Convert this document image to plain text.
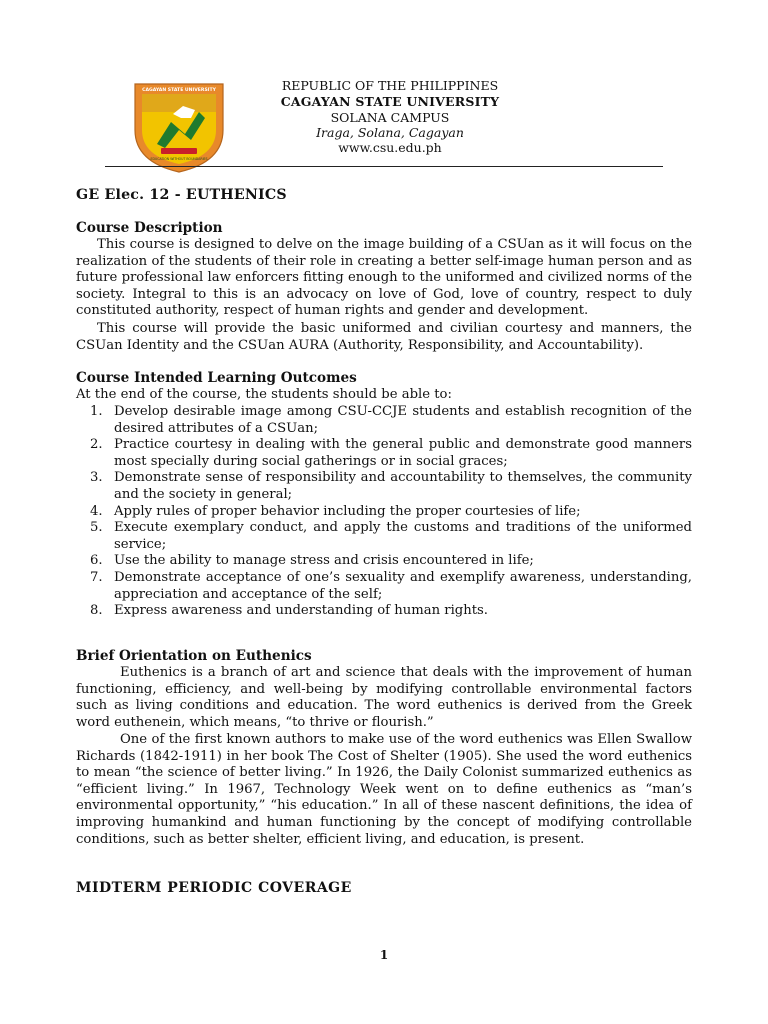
CAGAYAN STATE UNIVERSITY
EDUCATION WITHOUT BOUNDARIES
REPUBLIC OF THE PHILIPPINES
CAGAYAN STATE UNIVERSITY
SOLANA CAMPUS
Iraga, Solana, Cagayan
www.csu.edu.ph
GE Elec. 12 - EUTHENICS
Course Description
This course is designed to delve on the image building of a CSUan as it will focus on the realization of the students of their role in creating a better self-image human person and as future professional law enforcers fitting enough to the uniformed and civilized norms of the society. Integral to this is an advocacy on love of God, love of country, respect to duly constituted authority, respect of human rights and gender and development.
This course will provide the basic uniformed and civilian courtesy and manners, the CSUan Identity and the CSUan AURA (Authority, Responsibility, and Accountability).
Course Intended Learning Outcomes
At the end of the course, the students should be able to:
1. Develop desirable image among CSU-CCJE students and establish recognition of the desired attributes of a CSUan;
2. Practice courtesy in dealing with the general public and demonstrate good manners most specially during social gatherings or in social graces;
3. Demonstrate sense of responsibility and accountability to themselves, the community and the society in general;
4. Apply rules of proper behavior including the proper courtesies of life;
5. Execute exemplary conduct, and apply the customs and traditions of the uniformed service;
6. Use the ability to manage stress and crisis encountered in life;
7. Demonstrate acceptance of one’s sexuality and exemplify awareness, understanding, appreciation and acceptance of the self;
8. Express awareness and understanding of human rights.
Brief Orientation on Euthenics
Euthenics is a branch of art and science that deals with the improvement of human functioning, efficiency, and well-being by modifying controllable environmental factors such as living conditions and education. The word euthenics is derived from the Greek word euthenein, which means, “to thrive or flourish.”
One of the first known authors to make use of the word euthenics was Ellen Swallow Richards (1842-1911) in her book The Cost of Shelter (1905). She used the word euthenics to mean “the science of better living.” In 1926, the Daily Colonist summarized euthenics as “efficient living.” In 1967, Technology Week went on to define euthenics as “man’s environmental opportunity,” “his education.” In all of these nascent definitions, the idea of improving humankind and human functioning by the concept of modifying controllable conditions, such as better shelter, efficient living, and education, is present.
MIDTERM PERIODIC COVERAGE
1
